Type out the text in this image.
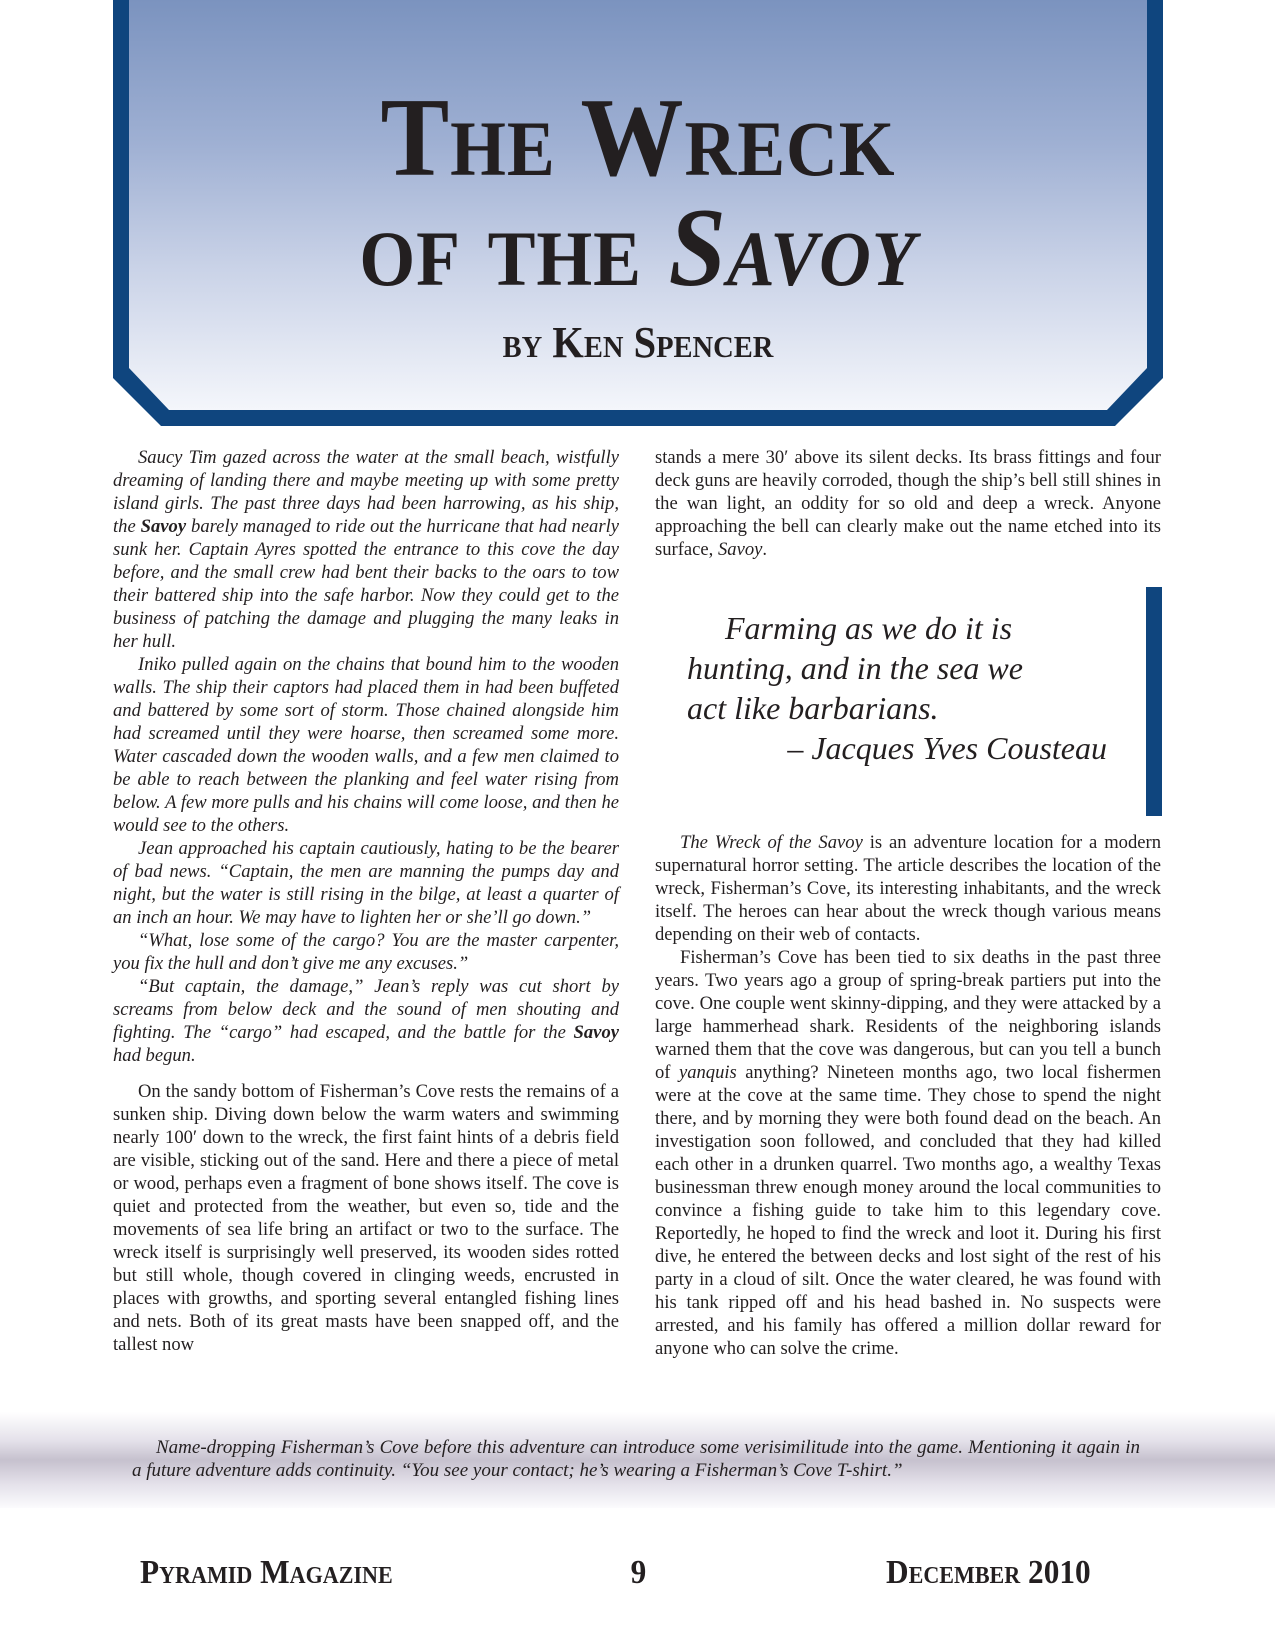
The Wreck
of the Savoy
by Ken Spencer

Saucy Tim gazed across the water at the small beach, wistfully dreaming of landing there and maybe meeting up with some pretty island girls. The past three days had been harrowing, as his ship, the Savoy barely managed to ride out the hurricane that had nearly sunk her. Captain Ayres spotted the entrance to this cove the day before, and the small crew had bent their backs to the oars to tow their battered ship into the safe harbor. Now they could get to the business of patching the damage and plugging the many leaks in her hull.

Iniko pulled again on the chains that bound him to the wooden walls. The ship their captors had placed them in had been buffeted and battered by some sort of storm. Those chained alongside him had screamed until they were hoarse, then screamed some more. Water cascaded down the wooden walls, and a few men claimed to be able to reach between the planking and feel water rising from below. A few more pulls and his chains will come loose, and then he would see to the others.

Jean approached his captain cautiously, hating to be the bearer of bad news. “Captain, the men are manning the pumps day and night, but the water is still rising in the bilge, at least a quarter of an inch an hour. We may have to lighten her or she’ll go down.”

“What, lose some of the cargo? You are the master carpenter, you fix the hull and don’t give me any excuses.”

“But captain, the damage,” Jean’s reply was cut short by screams from below deck and the sound of men shouting and fighting. The “cargo” had escaped, and the battle for the Savoy had begun.

On the sandy bottom of Fisherman’s Cove rests the remains of a sunken ship. Diving down below the warm waters and swimming nearly 100′ down to the wreck, the first faint hints of a debris field are visible, sticking out of the sand. Here and there a piece of metal or wood, perhaps even a fragment of bone shows itself. The cove is quiet and protected from the weather, but even so, tide and the movements of sea life bring an artifact or two to the surface. The wreck itself is surprisingly well preserved, its wooden sides rotted but still whole, though covered in clinging weeds, encrusted in places with growths, and sporting several entangled fishing lines and nets. Both of its great masts have been snapped off, and the tallest now

stands a mere 30′ above its silent decks. Its brass fittings and four deck guns are heavily corroded, though the ship’s bell still shines in the wan light, an oddity for so old and deep a wreck. Anyone approaching the bell can clearly make out the name etched into its surface, Savoy.

Farming as we do it is
hunting, and in the sea we
act like barbarians.
– Jacques Yves Cousteau

The Wreck of the Savoy is an adventure location for a modern supernatural horror setting. The article describes the location of the wreck, Fisherman’s Cove, its interesting inhabitants, and the wreck itself. The heroes can hear about the wreck though various means depending on their web of contacts.

Fisherman’s Cove has been tied to six deaths in the past three years. Two years ago a group of spring-break partiers put into the cove. One couple went skinny-dipping, and they were attacked by a large hammerhead shark. Residents of the neighboring islands warned them that the cove was dangerous, but can you tell a bunch of yanquis anything? Nineteen months ago, two local fishermen were at the cove at the same time. They chose to spend the night there, and by morning they were both found dead on the beach. An investigation soon followed, and concluded that they had killed each other in a drunken quarrel. Two months ago, a wealthy Texas businessman threw enough money around the local communities to convince a fishing guide to take him to this legendary cove. Reportedly, he hoped to find the wreck and loot it. During his first dive, he entered the between decks and lost sight of the rest of his party in a cloud of silt. Once the water cleared, he was found with his tank ripped off and his head bashed in. No suspects were arrested, and his family has offered a million dollar reward for anyone who can solve the crime.

Name-dropping Fisherman’s Cove before this adventure can introduce some verisimilitude into the game. Mentioning it again in a future adventure adds continuity. “You see your contact; he’s wearing a Fisherman’s Cove T-shirt.”
Pyramid Magazine	9	December 2010
